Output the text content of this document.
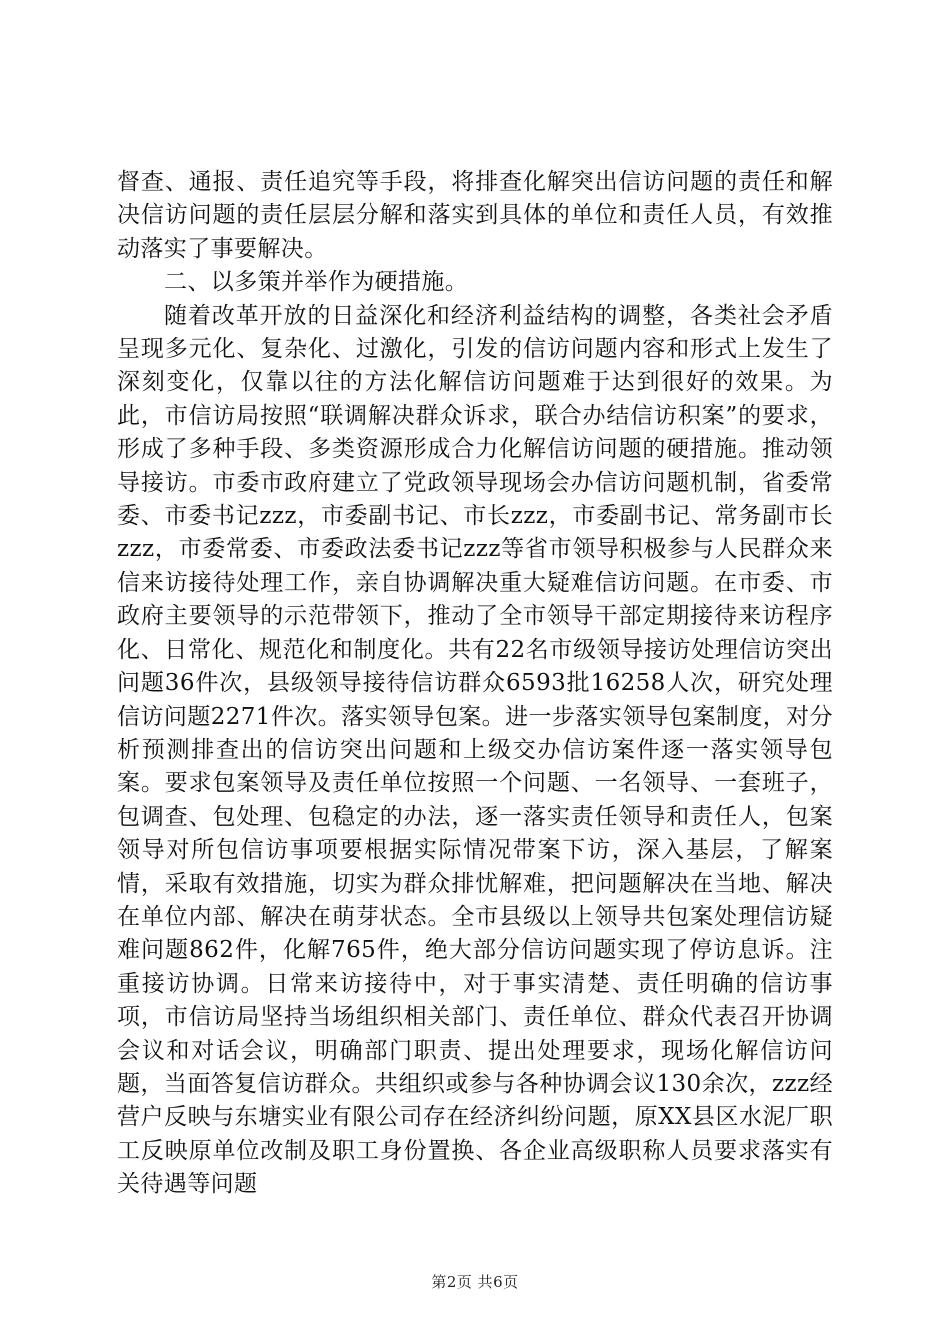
督查、通报、责任追究等手段，将排查化解突出信访问题的责任和解决信访问题的责任层层分解和落实到具体的单位和责任人员，有效推动落实了事要解决。

二、以多策并举作为硬措施。

随着改革开放的日益深化和经济利益结构的调整，各类社会矛盾呈现多元化、复杂化、过激化，引发的信访问题内容和形式上发生了深刻变化，仅靠以往的方法化解信访问题难于达到很好的效果。为此，市信访局按照“联调解决群众诉求，联合办结信访积案”的要求，形成了多种手段、多类资源形成合力化解信访问题的硬措施。推动领导接访。市委市政府建立了党政领导现场会办信访问题机制，省委常委、市委书记zzz，市委副书记、市长zzz，市委副书记、常务副市长zzz，市委常委、市委政法委书记zzz等省市领导积极参与人民群众来信来访接待处理工作，亲自协调解决重大疑难信访问题。在市委、市政府主要领导的示范带领下，推动了全市领导干部定期接待来访程序化、日常化、规范化和制度化。共有22名市级领导接访处理信访突出问题36件次，县级领导接待信访群众6593批16258人次，研究处理信访问题2271件次。落实领导包案。进一步落实领导包案制度，对分析预测排查出的信访突出问题和上级交办信访案件逐一落实领导包案。要求包案领导及责任单位按照一个问题、一名领导、一套班子，包调查、包处理、包稳定的办法，逐一落实责任领导和责任人，包案领导对所包信访事项要根据实际情况带案下访，深入基层，了解案情，采取有效措施，切实为群众排忧解难，把问题解决在当地、解决在单位内部、解决在萌芽状态。全市县级以上领导共包案处理信访疑难问题862件，化解765件，绝大部分信访问题实现了停访息诉。注重接访协调。日常来访接待中，对于事实清楚、责任明确的信访事项，市信访局坚持当场组织相关部门、责任单位、群众代表召开协调会议和对话会议，明确部门职责、提出处理要求，现场化解信访问题，当面答复信访群众。共组织或参与各种协调会议130余次，zzz经营户反映与东塘实业有限公司存在经济纠纷问题，原XX县区水泥厂职工反映原单位改制及职工身份置换、各企业高级职称人员要求落实有关待遇等问题

第2页 共6页
